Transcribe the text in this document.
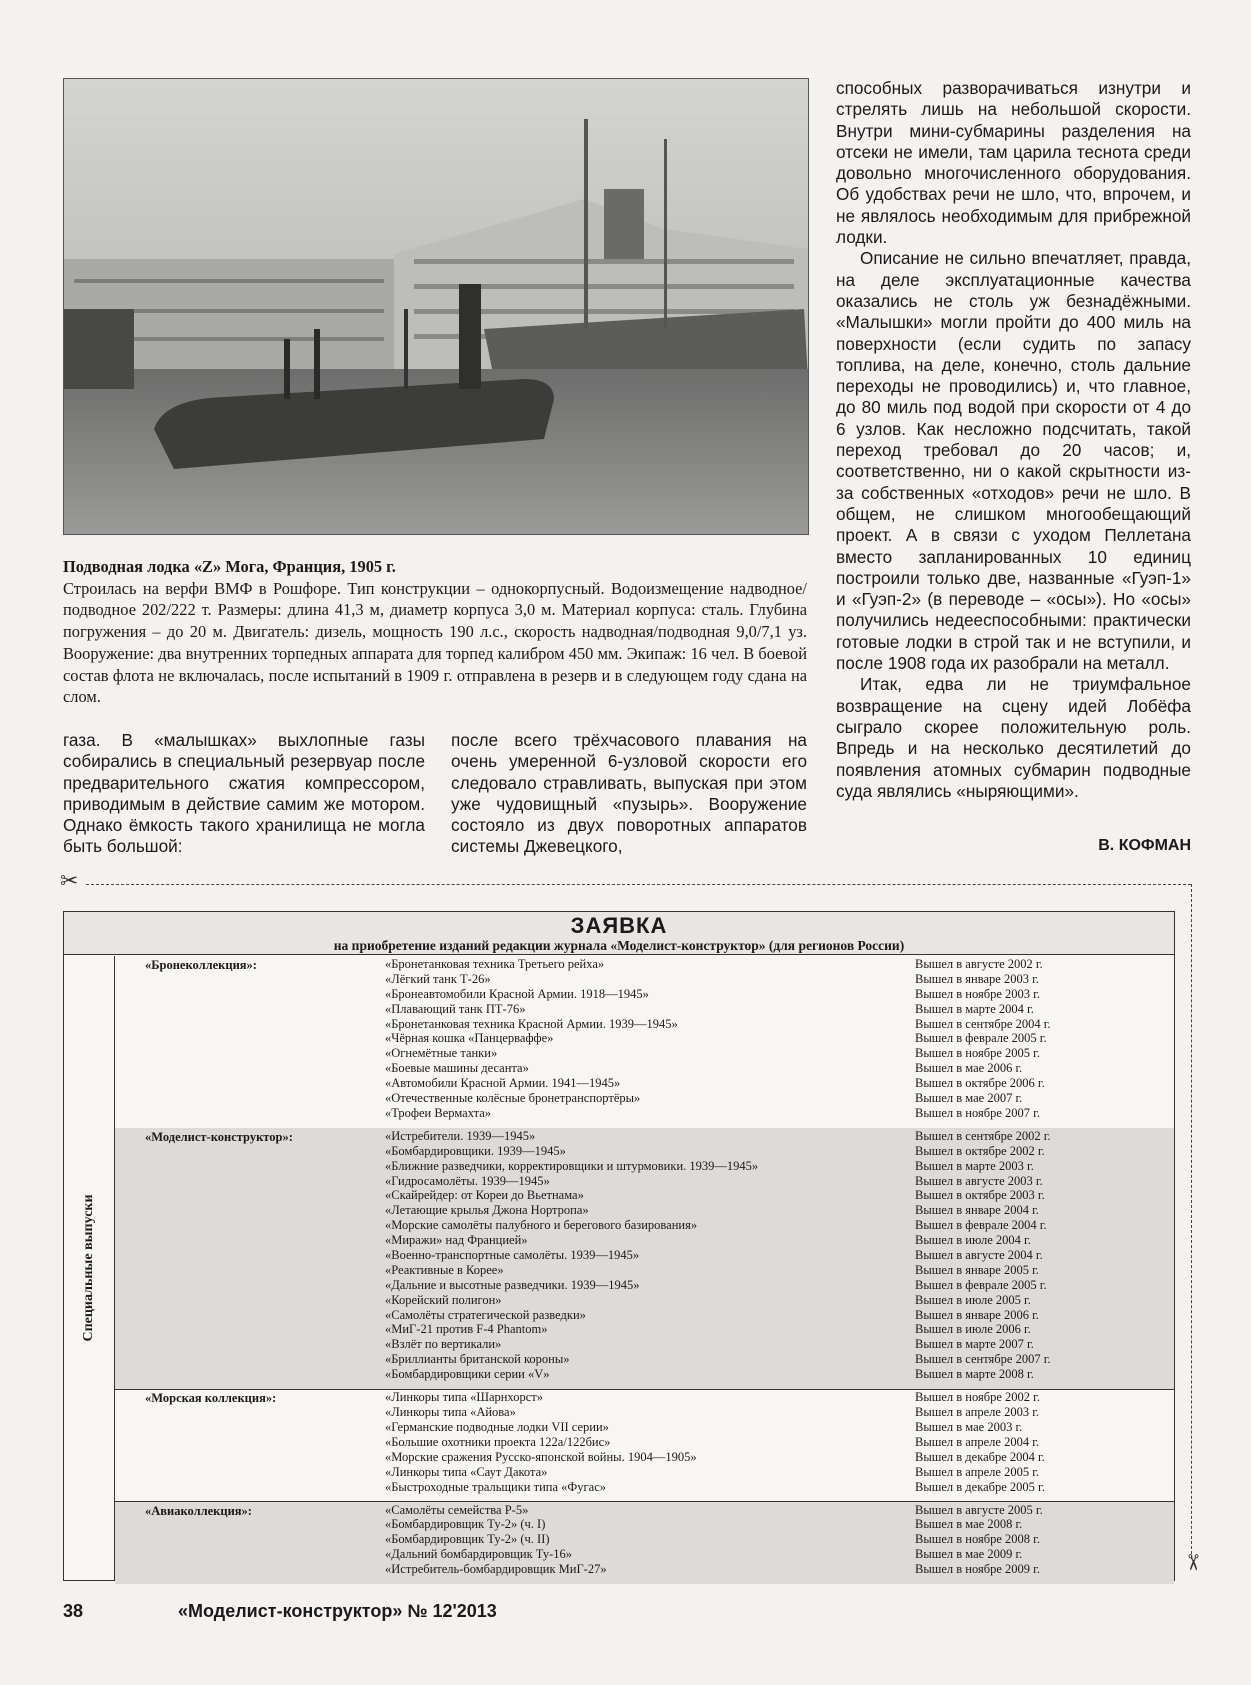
Подводная лодка «Z» Мога, Франция, 1905 г.
Строилась на верфи ВМФ в Рошфоре. Тип конструкции – однокорпусный. Водоизмещение надводное/подводное 202/222 т. Размеры: длина 41,3 м, диаметр корпуса 3,0 м. Материал корпуса: сталь. Глубина погружения – до 20 м. Двигатель: дизель, мощность 190 л.с., скорость надводная/подводная 9,0/7,1 уз. Вооружение: два внутренних торпедных аппарата для торпед калибром 450 мм. Экипаж: 16 чел. В боевой состав флота не включалась, после испытаний в 1909 г. отправлена в резерв и в следующем году сдана на слом.

способных разворачиваться изнутри и стрелять лишь на небольшой скорости. Внутри мини-субмарины разделения на отсеки не имели, там царила теснота среди довольно многочисленного оборудования. Об удобствах речи не шло, что, впрочем, и не являлось необходимым для прибрежной лодки.

Описание не сильно впечатляет, правда, на деле эксплуатационные качества оказались не столь уж безнадёжными. «Малышки» могли пройти до 400 миль на поверхности (если судить по запасу топлива, на деле, конечно, столь дальние переходы не проводились) и, что главное, до 80 миль под водой при скорости от 4 до 6 узлов. Как несложно подсчитать, такой переход требовал до 20 часов; и, соответственно, ни о какой скрытности из-за собственных «отходов» речи не шло. В общем, не слишком многообещающий проект. А в связи с уходом Пеллетана вместо запланированных 10 единиц построили только две, названные «Гуэп-1» и «Гуэп-2» (в переводе – «осы»). Но «осы» получились недееспособными: практически готовые лодки в строй так и не вступили, и после 1908 года их разобрали на металл.

Итак, едва ли не триумфальное возвращение на сцену идей Лобёфа сыграло скорее положительную роль. Впредь и на несколько десятилетий до появления атомных субмарин подводные суда являлись «ныряющими».

газа. В «малышках» выхлопные газы собирались в специальный резервуар после предварительного сжатия компрессором, приводимым в действие самим же мотором. Однако ёмкость такого хранилища не могла быть большой:

после всего трёхчасового плавания на очень умеренной 6-узловой скорости его следовало стравливать, выпуская при этом уже чудовищный «пузырь». Вооружение состояло из двух поворотных аппаратов системы Джевецкого,	В. КОФМАН
✂
✂
ЗАЯВКА
на приобретение изданий редакции журнала «Моделист-конструктор» (для регионов России)
Специальные выпуски
«Бронеколлекция»:	«Бронетанковая техника Третьего рейха»	Вышел в августе 2002 г.
«Лёгкий танк Т-26»	Вышел в январе 2003 г.
«Бронеавтомобили Красной Армии. 1918—1945»	Вышел в ноябре 2003 г.
«Плавающий танк ПТ-76»	Вышел в марте 2004 г.
«Бронетанковая техника Красной Армии. 1939—1945»	Вышел в сентябре 2004 г.
«Чёрная кошка «Панцерваффе»	Вышел в феврале 2005 г.
«Огнемётные танки»	Вышел в ноябре 2005 г.
«Боевые машины десанта»	Вышел в мае 2006 г.
«Автомобили Красной Армии. 1941—1945»	Вышел в октябре 2006 г.
«Отечественные колёсные бронетранспортёры»	Вышел в мае 2007 г.
«Трофеи Вермахта»	Вышел в ноябре 2007 г.
«Моделист-конструктор»:	«Истребители. 1939—1945»	Вышел в сентябре 2002 г.
«Бомбардировщики. 1939—1945»	Вышел в октябре 2002 г.
«Ближние разведчики, корректировщики и штурмовики. 1939—1945»	Вышел в марте 2003 г.
«Гидросамолёты. 1939—1945»	Вышел в августе 2003 г.
«Скайрейдер: от Кореи до Вьетнама»	Вышел в октябре 2003 г.
«Летающие крылья Джона Нортропа»	Вышел в январе 2004 г.
«Морские самолёты палубного и берегового базирования»	Вышел в феврале 2004 г.
«Миражи» над Францией»	Вышел в июле 2004 г.
«Военно-транспортные самолёты. 1939—1945»	Вышел в августе 2004 г.
«Реактивные в Корее»	Вышел в январе 2005 г.
«Дальние и высотные разведчики. 1939—1945»	Вышел в феврале 2005 г.
«Корейский полигон»	Вышел в июле 2005 г.
«Самолёты стратегической разведки»	Вышел в январе 2006 г.
«МиГ-21 против F-4 Phantom»	Вышел в июле 2006 г.
«Взлёт по вертикали»	Вышел в марте 2007 г.
«Бриллианты британской короны»	Вышел в сентябре 2007 г.
«Бомбардировщики серии «V»	Вышел в марте 2008 г.
«Морская коллекция»:	«Линкоры типа «Шарнхорст»	Вышел в ноябре 2002 г.
«Линкоры типа «Айова»	Вышел в апреле 2003 г.
«Германские подводные лодки VII серии»	Вышел в мае 2003 г.
«Большие охотники проекта 122а/122бис»	Вышел в апреле 2004 г.
«Морские сражения Русско-японской войны. 1904—1905»	Вышел в декабре 2004 г.
«Линкоры типа «Саут Дакота»	Вышел в апреле 2005 г.
«Быстроходные тральщики типа «Фугас»	Вышел в декабре 2005 г.
«Авиаколлекция»:	«Самолёты семейства Р-5»	Вышел в августе 2005 г.
«Бомбардировщик Ту-2» (ч. I)	Вышел в мае 2008 г.
«Бомбардировщик Ту-2» (ч. II)	Вышел в ноябре 2008 г.
«Дальний бомбардировщик Ту-16»	Вышел в мае 2009 г.
«Истребитель-бомбардировщик МиГ-27»	Вышел в ноябре 2009 г.
38	«Моделист-конструктор» № 12'2013
